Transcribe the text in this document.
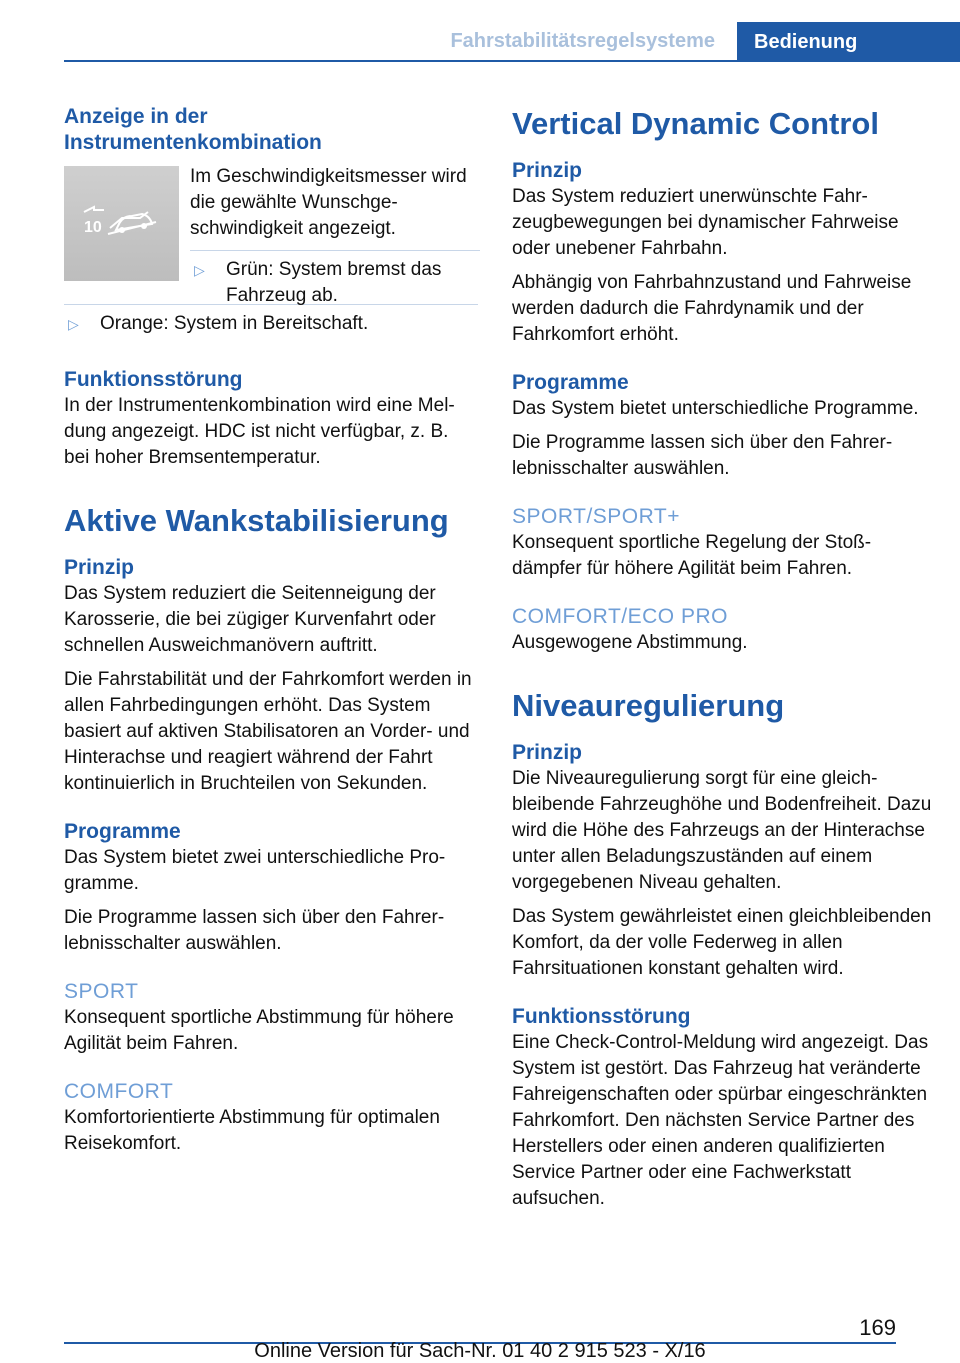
Fahrstabilitätsregelsysteme	Bedienung
Anzeige in der
Instrumentenkombination
10

Im Geschwindigkeitsmesser wird die gewählte Wunschgeschwindigkeit angezeigt.

▷	Grün: System bremst das Fahrzeug ab.
▷	Orange: System in Bereitschaft.
Funktionsstörung

In der Instrumentenkombination wird eine Meldung angezeigt. HDC ist nicht verfügbar, z. B. bei hoher Bremsentemperatur.

Aktive Wankstabilisierung
Prinzip

Das System reduziert die Seitenneigung der Karosserie, die bei zügiger Kurvenfahrt oder schnellen Ausweichmanövern auftritt.

Die Fahrstabilität und der Fahrkomfort werden in allen Fahrbedingungen erhöht. Das System basiert auf aktiven Stabilisatoren an Vorder- und Hinterachse und reagiert während der Fahrt kontinuierlich in Bruchteilen von Sekunden.

Programme

Das System bietet zwei unterschiedliche Programme.

Die Programme lassen sich über den Fahrerlebnisschalter auswählen.

SPORT

Konsequent sportliche Abstimmung für höhere Agilität beim Fahren.

COMFORT

Komfortorientierte Abstimmung für optimalen Reisekomfort.

Vertical Dynamic Control
Prinzip

Das System reduziert unerwünschte Fahrzeugbewegungen bei dynamischer Fahrweise oder unebener Fahrbahn.

Abhängig von Fahrbahnzustand und Fahrweise werden dadurch die Fahrdynamik und der Fahrkomfort erhöht.

Programme

Das System bietet unterschiedliche Programme.

Die Programme lassen sich über den Fahrerlebnisschalter auswählen.

SPORT/SPORT+

Konsequent sportliche Regelung der Stoßdämpfer für höhere Agilität beim Fahren.

COMFORT/ECO PRO

Ausgewogene Abstimmung.

Niveauregulierung
Prinzip

Die Niveauregulierung sorgt für eine gleichbleibende Fahrzeughöhe und Bodenfreiheit. Dazu wird die Höhe des Fahrzeugs an der Hinterachse unter allen Beladungszuständen auf einem vorgegebenen Niveau gehalten.

Das System gewährleistet einen gleichbleibenden Komfort, da der volle Federweg in allen Fahrsituationen konstant gehalten wird.

Funktionsstörung

Eine Check-Control-Meldung wird angezeigt. Das System ist gestört. Das Fahrzeug hat veränderte Fahreigenschaften oder spürbar eingeschränkten Fahrkomfort. Den nächsten Service Partner des Herstellers oder einen anderen qualifizierten Service Partner oder eine Fachwerkstatt aufsuchen.

169
Online Version für Sach-Nr. 01 40 2 915 523 - X/16
